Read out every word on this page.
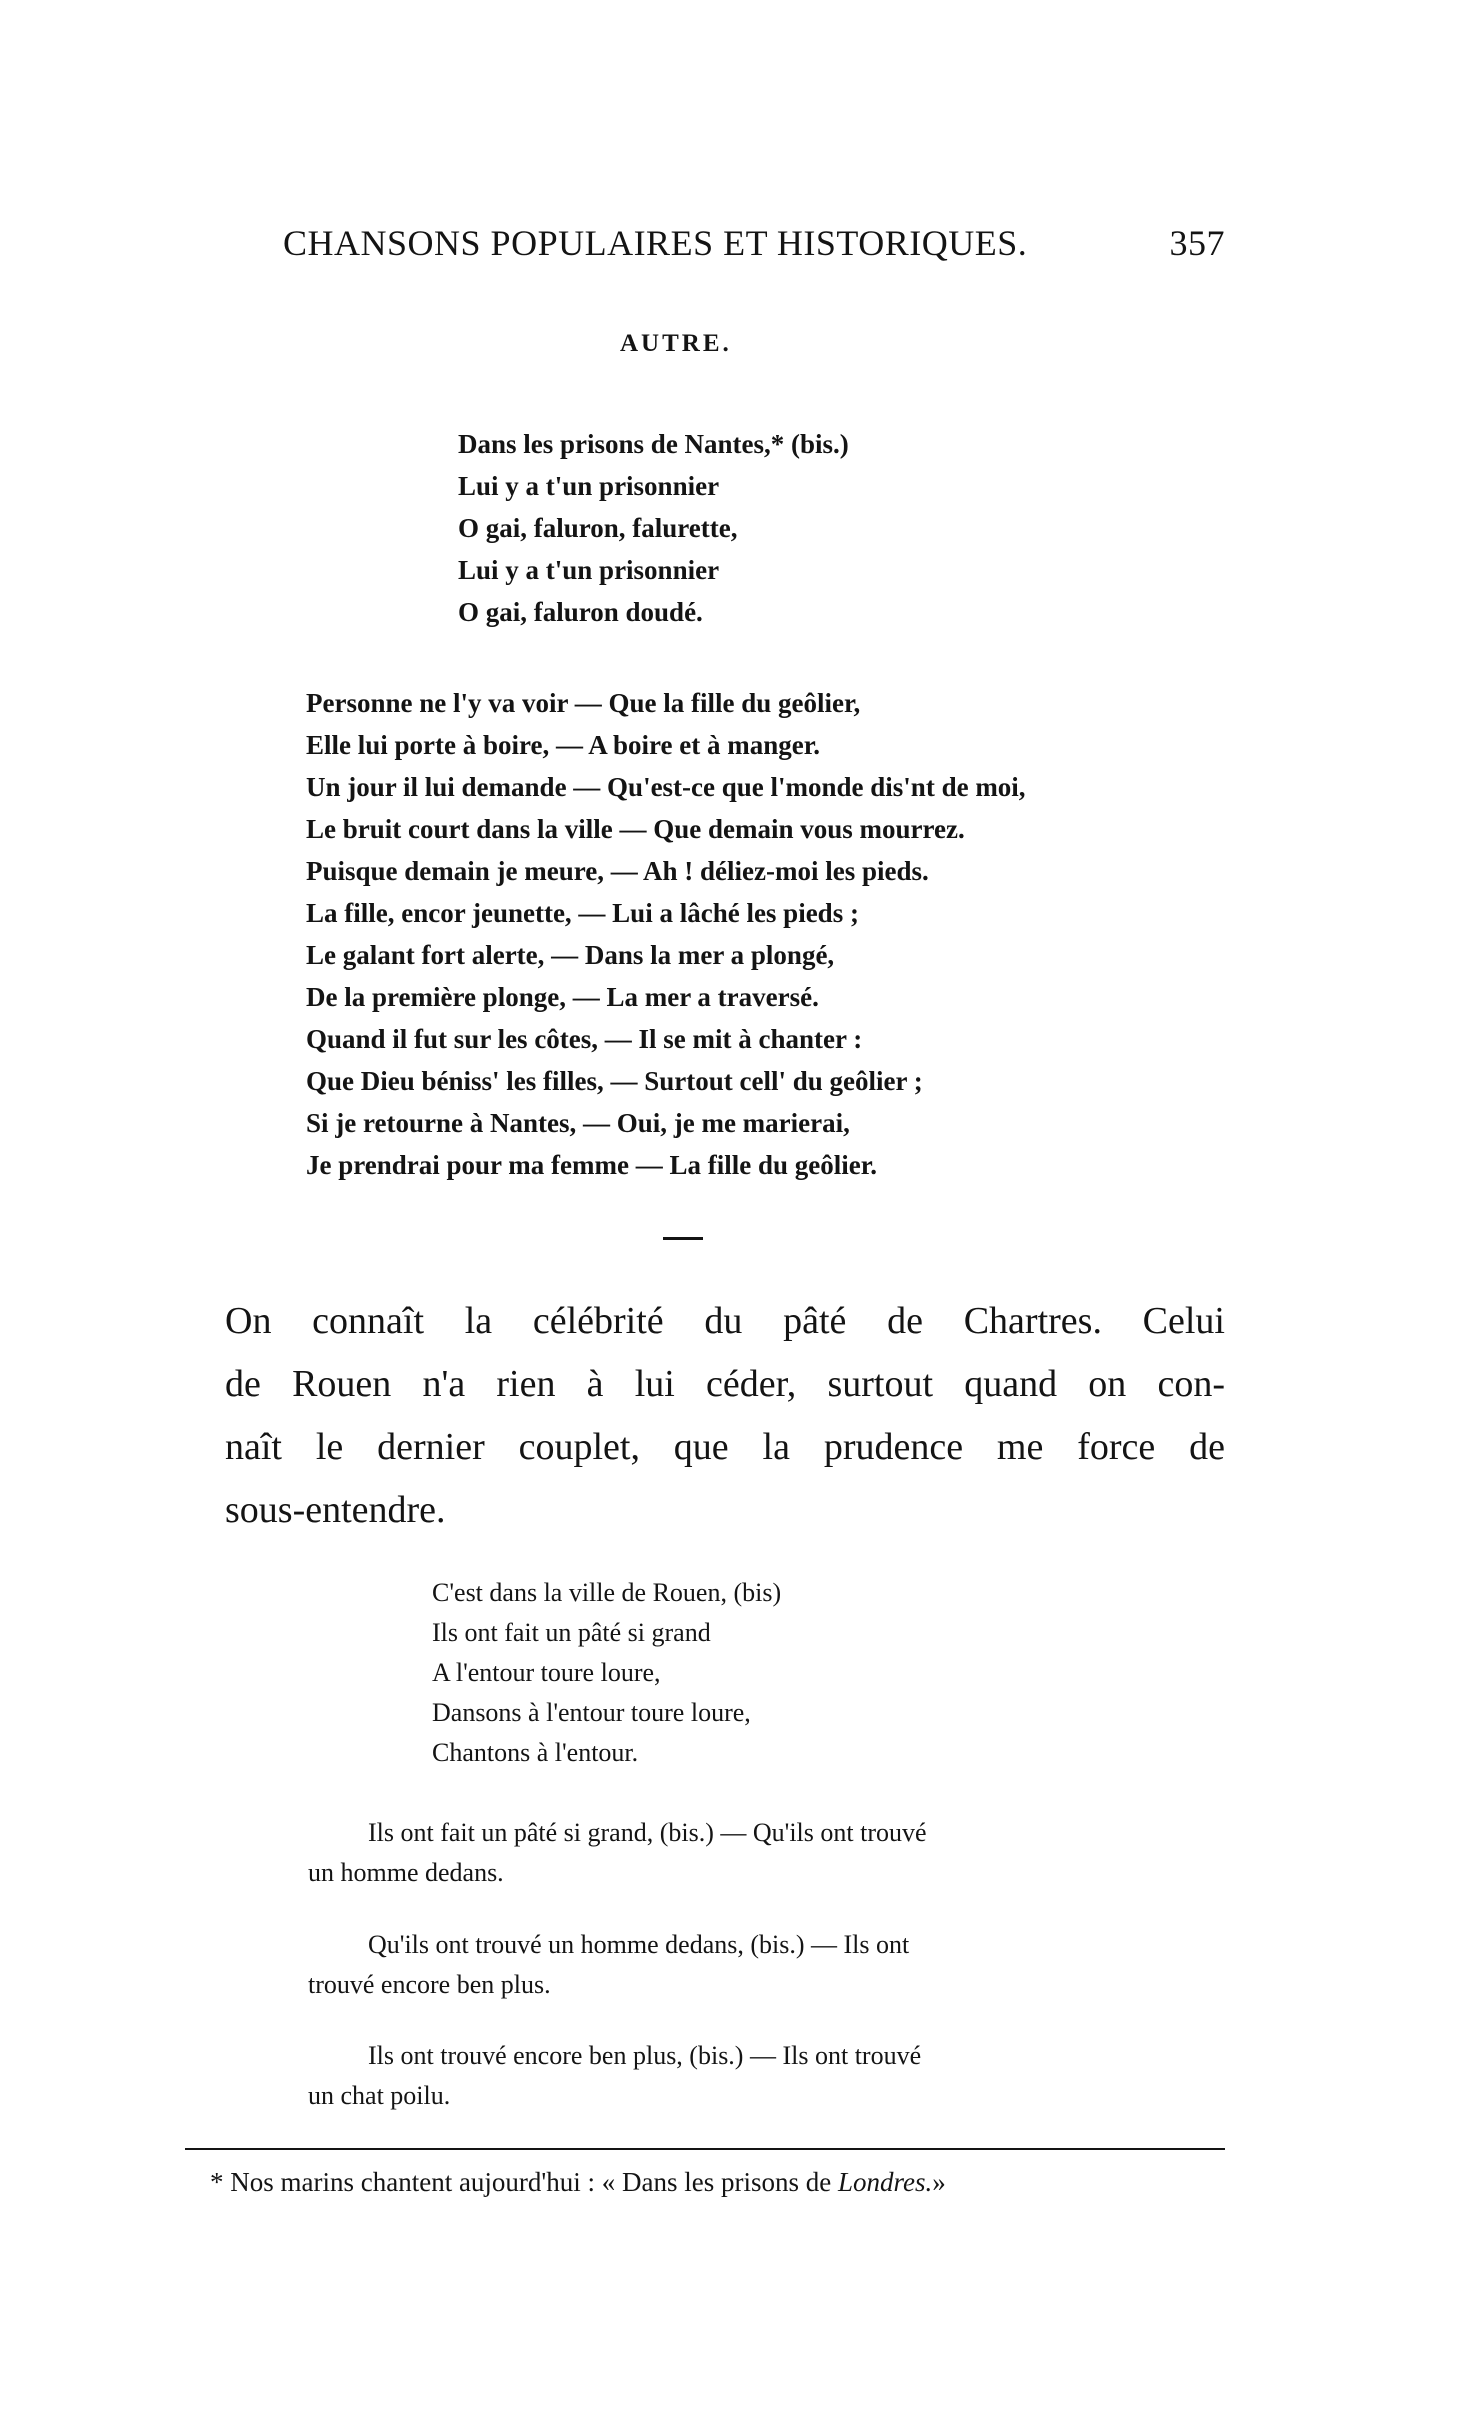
CHANSONS POPULAIRES ET HISTORIQUES.	357
AUTRE.
Dans les prisons de Nantes,* (bis.)
Lui y a t'un prisonnier
O gai, faluron, falurette,
Lui y a t'un prisonnier
O gai, faluron doudé.
Personne ne l'y va voir — Que la fille du geôlier,
Elle lui porte à boire, — A boire et à manger.
Un jour il lui demande — Qu'est-ce que l'monde dis'nt de moi,
Le bruit court dans la ville — Que demain vous mourrez.
Puisque demain je meure, — Ah ! déliez-moi les pieds.
La fille, encor jeunette, — Lui a lâché les pieds ;
Le galant fort alerte, — Dans la mer a plongé,
De la première plonge, — La mer a traversé.
Quand il fut sur les côtes, — Il se mit à chanter :
Que Dieu béniss' les filles, — Surtout cell' du geôlier ;
Si je retourne à Nantes, — Oui, je me marierai,
Je prendrai pour ma femme — La fille du geôlier.
On connaît la célébrité du pâté de Chartres. Celui
de Rouen n'a rien à lui céder, surtout quand on con-
naît le dernier couplet, que la prudence me force de
sous-entendre.
C'est dans la ville de Rouen, (bis)
Ils ont fait un pâté si grand
A l'entour toure loure,
Dansons à l'entour toure loure,
Chantons à l'entour.
Ils ont fait un pâté si grand, (bis.) — Qu'ils ont trouvé
un homme dedans.
Qu'ils ont trouvé un homme dedans, (bis.) — Ils ont
trouvé encore ben plus.
Ils ont trouvé encore ben plus, (bis.) — Ils ont trouvé
un chat poilu.
* Nos marins chantent aujourd'hui : « Dans les prisons de Londres.»
